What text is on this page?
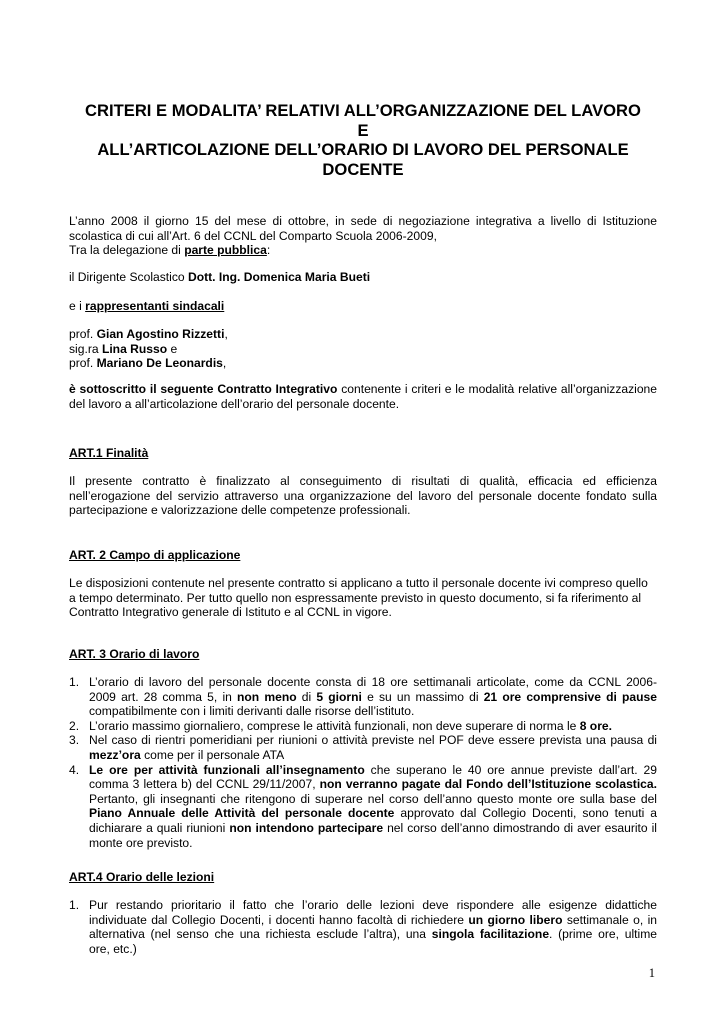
CRITERI E MODALITA’ RELATIVI ALL’ORGANIZZAZIONE DEL LAVORO
E
ALL’ARTICOLAZIONE DELL’ORARIO DI LAVORO DEL PERSONALE
DOCENTE
L’anno 2008 il giorno 15 del mese di ottobre, in sede di negoziazione integrativa a livello di Istituzione
scolastica di cui all’Art. 6 del CCNL del Comparto Scuola 2006-2009,
Tra la delegazione di parte pubblica:
il Dirigente Scolastico Dott. Ing. Domenica Maria Bueti
e i rappresentanti sindacali
prof. Gian Agostino Rizzetti,
sig.ra Lina Russo e
prof. Mariano De Leonardis,
è sottoscritto il seguente Contratto Integrativo contenente i criteri e le modalità relative all’organizzazione
del lavoro a all’articolazione dell’orario del personale docente.
ART.1 Finalità
Il presente contratto è finalizzato al conseguimento di risultati di qualità, efficacia ed efficienza
nell’erogazione del servizio attraverso una organizzazione del lavoro del personale docente fondato sulla
partecipazione e valorizzazione delle competenze professionali.
ART. 2 Campo di applicazione
Le disposizioni contenute nel presente contratto si applicano a tutto il personale docente ivi compreso quello
a tempo determinato. Per tutto quello non espressamente previsto in questo documento, si fa riferimento al
Contratto Integrativo generale di Istituto e al CCNL in vigore.
ART. 3 Orario di lavoro
1. L’orario di lavoro del personale docente consta di 18 ore settimanali articolate, come da CCNL 2006-
2009 art. 28 comma 5, in non meno di 5 giorni e su un massimo di 21 ore comprensive di pause
compatibilmente con i limiti derivanti dalle risorse dell’istituto.
2. L’orario massimo giornaliero, comprese le attività funzionali, non deve superare di norma le 8 ore.
3. Nel caso di rientri pomeridiani per riunioni o attività previste nel POF deve essere prevista una pausa di
mezz’ora come per il personale ATA
4. Le ore per attività funzionali all’insegnamento che superano le 40 ore annue previste dall’art. 29
comma 3 lettera b) del CCNL 29/11/2007, non verranno pagate dal Fondo dell’Istituzione scolastica.
Pertanto, gli insegnanti che ritengono di superare nel corso dell’anno questo monte ore sulla base del
Piano Annuale delle Attività del personale docente approvato dal Collegio Docenti, sono tenuti a
dichiarare a quali riunioni non intendono partecipare nel corso dell’anno dimostrando di aver esaurito il
monte ore previsto.
ART.4 Orario delle lezioni
1. Pur restando prioritario il fatto che l’orario delle lezioni deve rispondere alle esigenze didattiche
individuate dal Collegio Docenti, i docenti hanno facoltà di richiedere un giorno libero settimanale o, in
alternativa (nel senso che una richiesta esclude l’altra), una singola facilitazione. (prime ore, ultime
ore, etc.)
1
